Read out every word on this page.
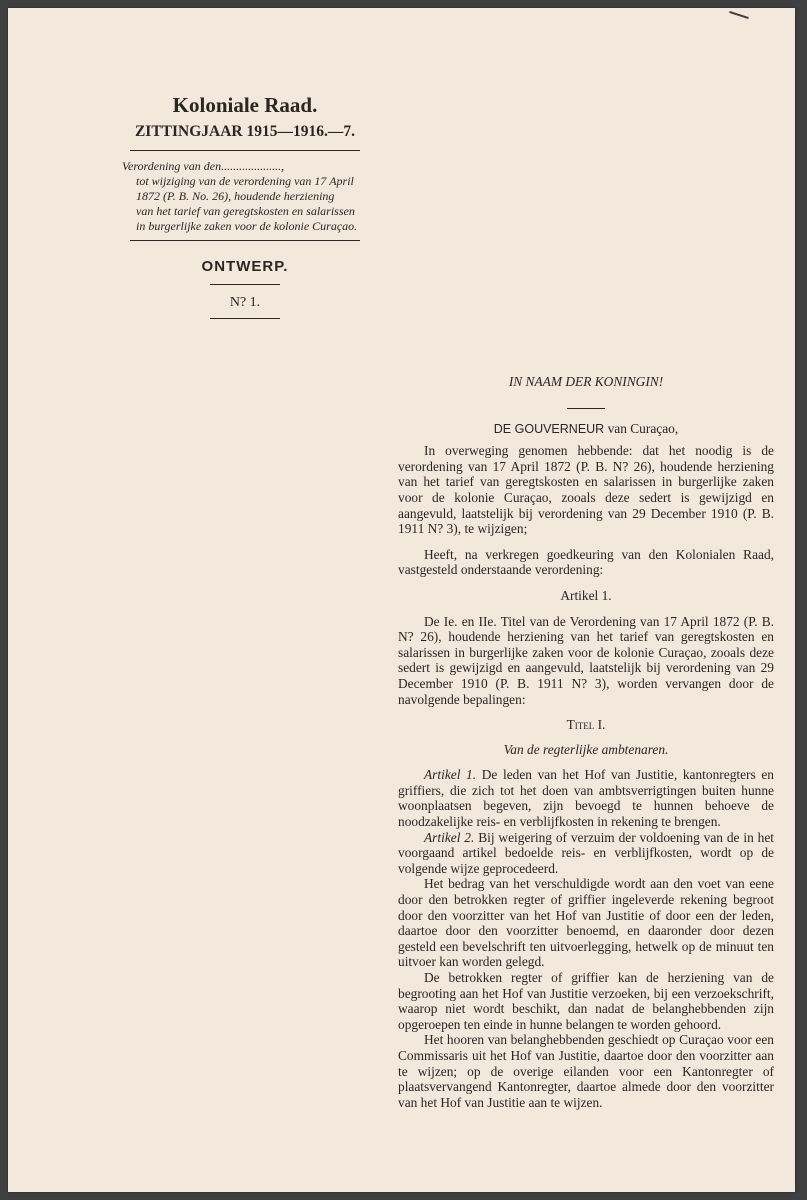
Koloniale Raad.

ZITTINGJAAR 1915—1916.—7.

Verordening van den....................,
tot wijziging van de verordening van 17 April
1872 (P. B. No. 26), houdende herziening
van het tarief van geregtskosten en salarissen
in burgerlijke zaken voor de kolonie Curaçao.

ONTWERP.

N? 1.

IN NAAM DER KONINGIN!

DE GOUVERNEUR van Curaçao,

In overweging genomen hebbende: dat het noodig is de verordening van 17 April 1872 (P. B. N? 26), houdende herziening van het tarief van geregtskosten en salarissen in burgerlijke zaken voor de kolonie Curaçao, zooals deze sedert is gewijzigd en aangevuld, laatstelijk bij verordening van 29 December 1910 (P. B. 1911 N? 3), te wijzigen;

Heeft, na verkregen goedkeuring van den Kolonialen Raad, vastgesteld onderstaande verordening:

Artikel 1.

De Ie. en IIe. Titel van de Verordening van 17 April 1872 (P. B. N? 26), houdende herziening van het tarief van geregtskosten en salarissen in burgerlijke zaken voor de kolonie Curaçao, zooals deze sedert is gewijzigd en aangevuld, laatstelijk bij verordening van 29 December 1910 (P. B. 1911 N? 3), worden vervangen door de navolgende bepalingen:

Titel I.

Van de regterlijke ambtenaren.

Artikel 1. De leden van het Hof van Justitie, kantonregters en griffiers, die zich tot het doen van ambtsverrigtingen buiten hunne woonplaatsen begeven, zijn bevoegd te hunnen behoeve de noodzakelijke reis- en verblijfkosten in rekening te brengen.

Artikel 2. Bij weigering of verzuim der voldoening van de in het voorgaand artikel bedoelde reis- en verblijfkosten, wordt op de volgende wijze geprocedeerd.

Het bedrag van het verschuldigde wordt aan den voet van eene door den betrokken regter of griffier ingeleverde rekening begroot door den voorzitter van het Hof van Justitie of door een der leden, daartoe door den voorzitter benoemd, en daaronder door dezen gesteld een bevelschrift ten uitvoerlegging, hetwelk op de minuut ten uitvoer kan worden gelegd.

De betrokken regter of griffier kan de herziening van de begrooting aan het Hof van Justitie verzoeken, bij een verzoekschrift, waarop niet wordt beschikt, dan nadat de belanghebbenden zijn opgeroepen ten einde in hunne belangen te worden gehoord.

Het hooren van belanghebbenden geschiedt op Curaçao voor een Commissaris uit het Hof van Justitie, daartoe door den voorzitter aan te wijzen; op de overige eilanden voor een Kantonregter of plaatsvervangend Kantonregter, daartoe almede door den voorzitter van het Hof van Justitie aan te wijzen.
